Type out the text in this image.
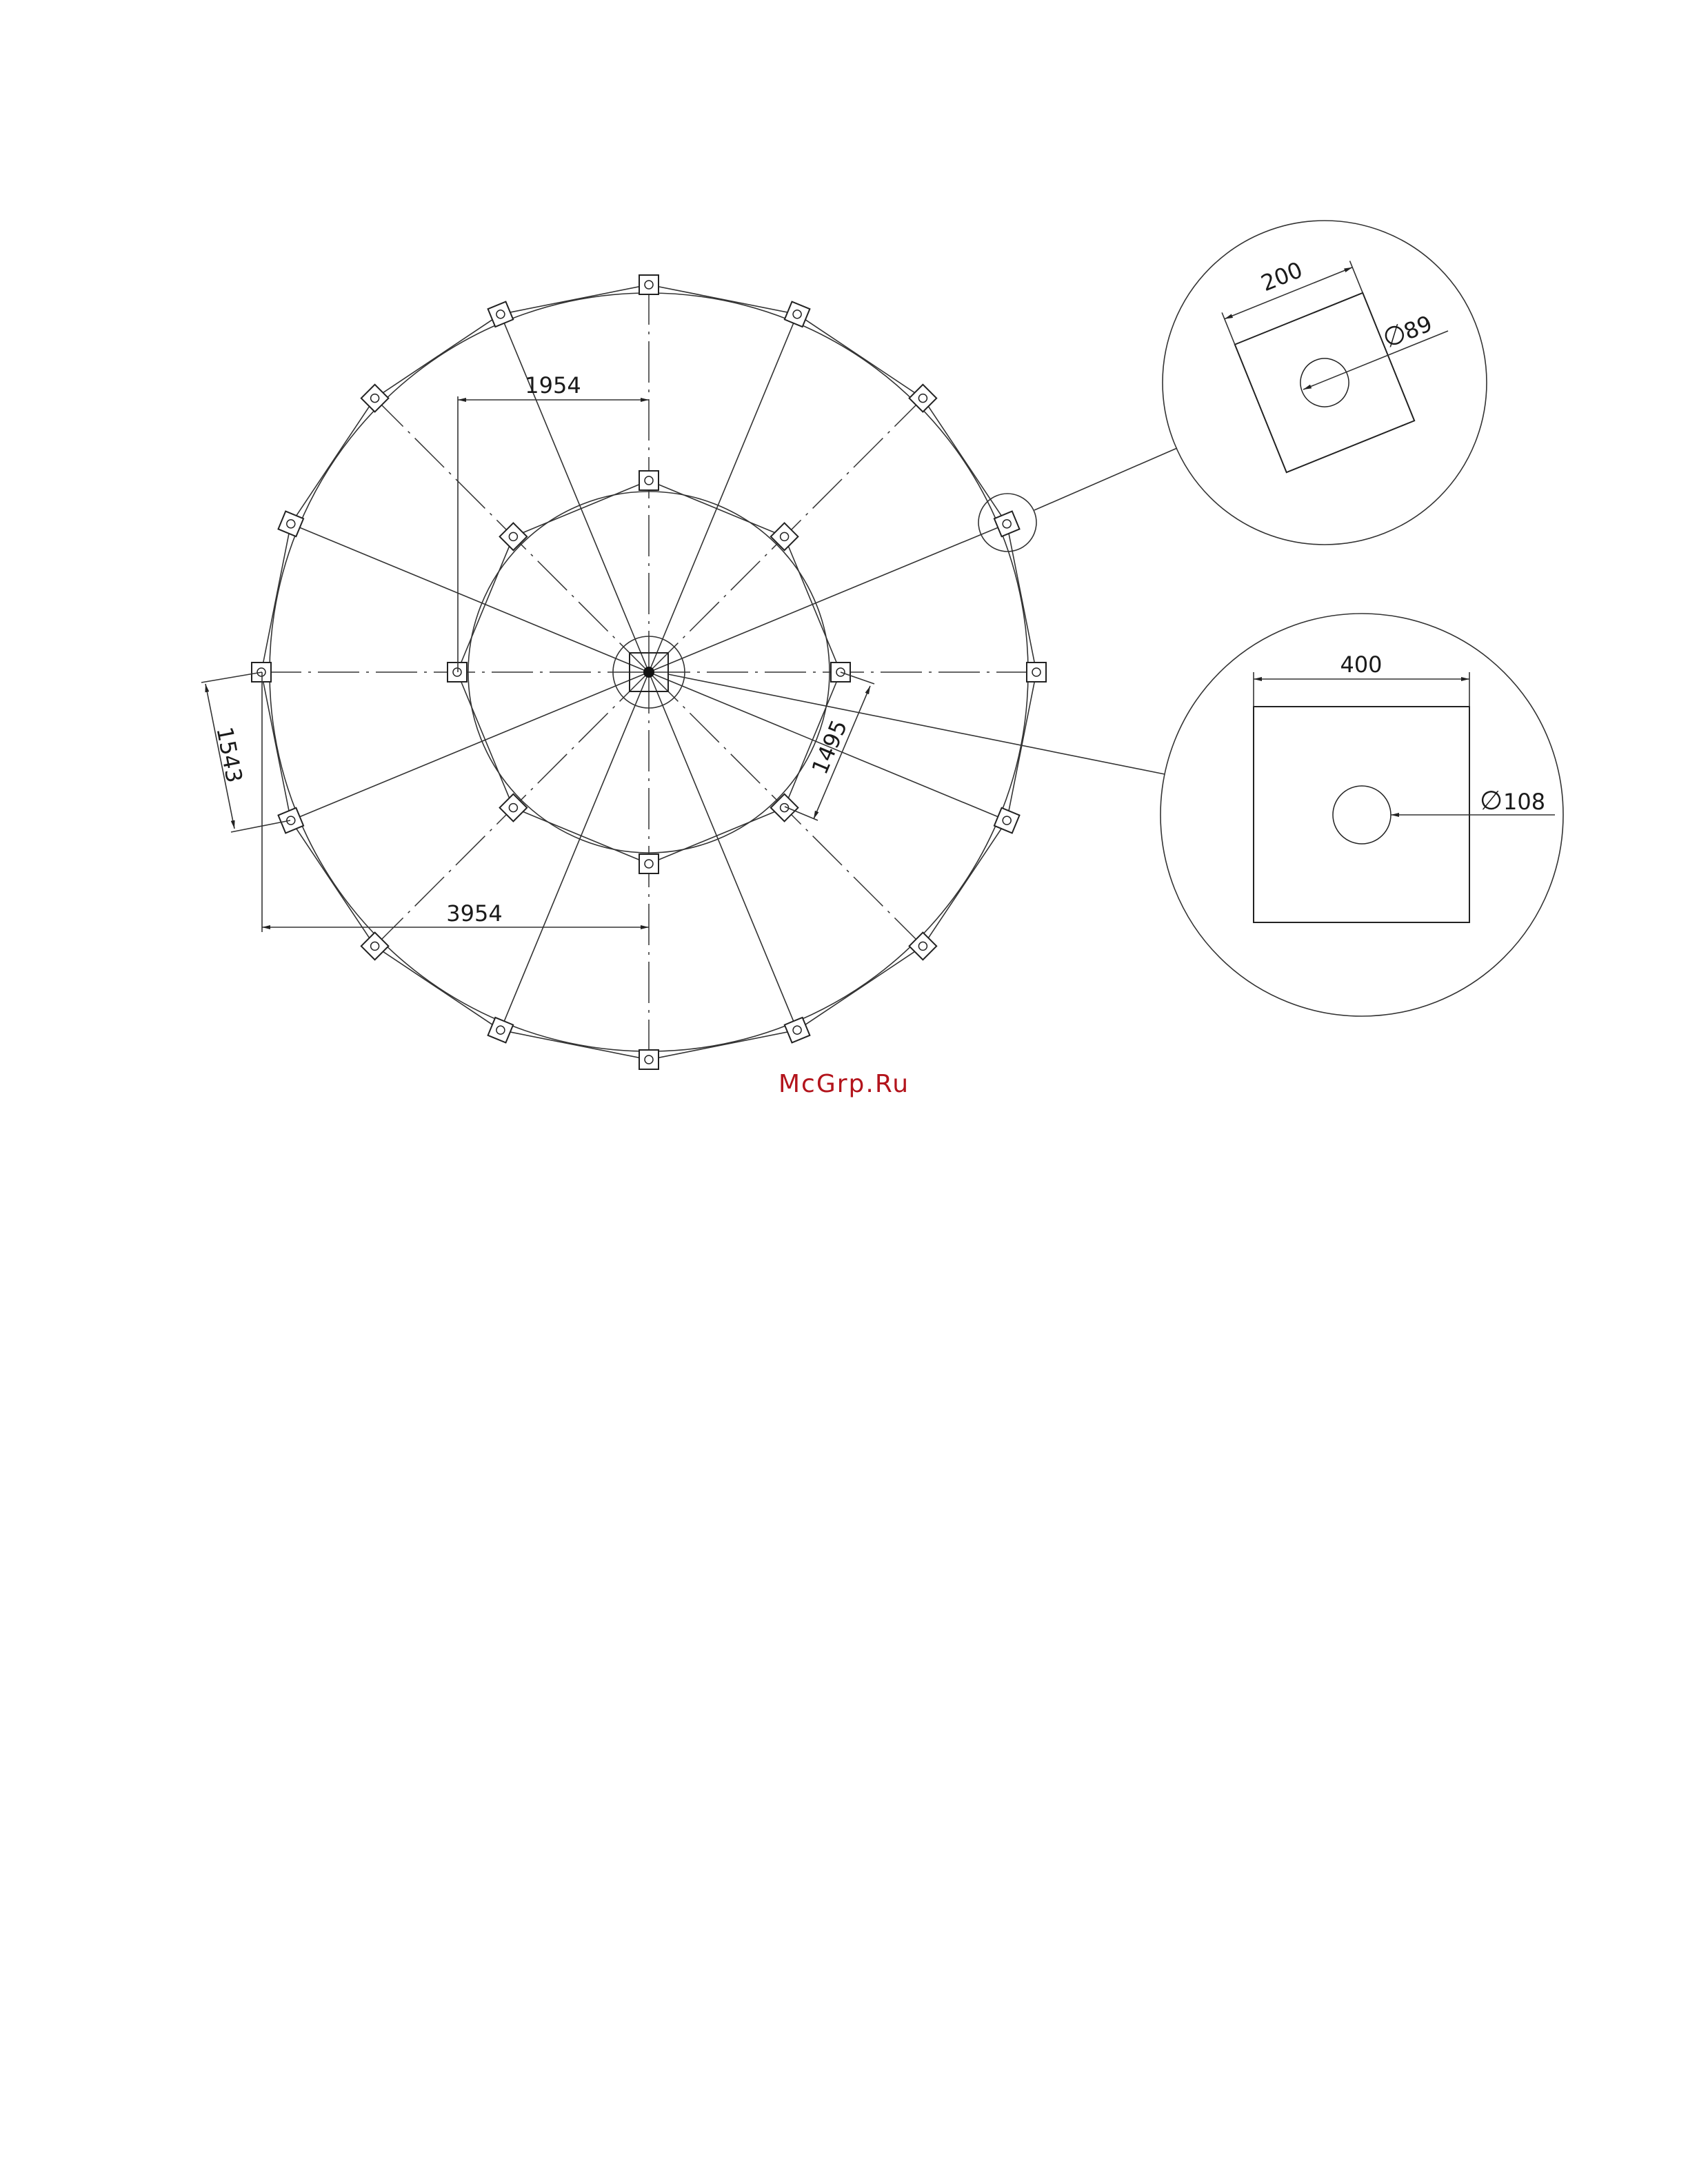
1954
3954
1543	1495
200
∅
89
400
∅ 108
McGrp.Ru
